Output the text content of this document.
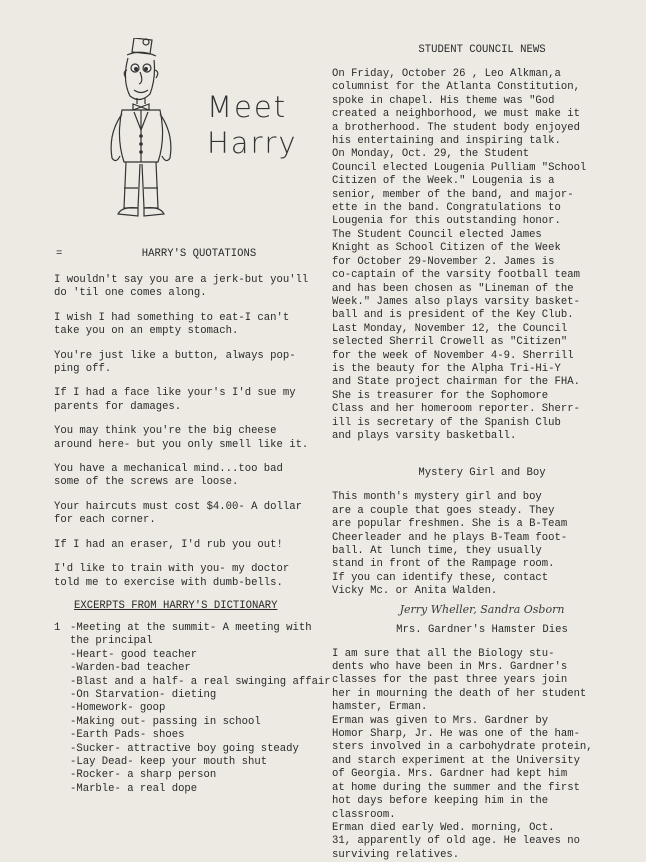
Meet
Harry
=	HARRY'S QUOTATIONS
I wouldn't say you are a jerk-but you'll
do 'til one comes along.
I wish I had something to eat-I can't
take you on an empty stomach.
You're just like a button, always pop-
ping off.
If I had a face like your's I'd sue my
parents for damages.
You may think you're the big cheese
around here- but you only smell like it.
You have a mechanical mind...too bad
some of the screws are loose.
Your haircuts must cost $4.00- A dollar
for each corner.
If I had an eraser, I'd rub you out!
I'd like to train with you- my doctor
told me to exercise with dumb-bells.
EXCERPTS FROM HARRY'S DICTIONARY
1 -Meeting at the summit- A meeting with
the principal
-Heart- good teacher
-Warden-bad teacher
-Blast and a half- a real swinging affair
-On Starvation- dieting
-Homework- goop
-Making out- passing in school
-Earth Pads- shoes
-Sucker- attractive boy going steady
-Lay Dead- keep your mouth shut
-Rocker- a sharp person
-Marble- a real dope
STUDENT COUNCIL NEWS
On Friday, October 26 , Leo Alkman,a
columnist for the Atlanta Constitution,
spoke in chapel. His theme was "God
created a neighborhood, we must make it
a brotherhood. The student body enjoyed
his entertaining and inspiring talk.
On Monday, Oct. 29, the Student
Council elected Lougenia Pulliam "School
Citizen of the Week." Lougenia is a
senior, member of the band, and major-
ette in the band. Congratulations to
Lougenia for this outstanding honor.
The Student Council elected James
Knight as School Citizen of the Week
for October 29-November 2. James is
co-captain of the varsity football team
and has been chosen as "Lineman of the
Week." James also plays varsity basket-
ball and is president of the Key Club.
Last Monday, November 12, the Council
selected Sherril Crowell as "Citizen"
for the week of November 4-9. Sherrill
is the beauty for the Alpha Tri-Hi-Y
and State project chairman for the FHA.
She is treasurer for the Sophomore
Class and her homeroom reporter. Sherr-
ill is secretary of the Spanish Club
and plays varsity basketball.
Mystery Girl and Boy
This month's mystery girl and boy
are a couple that goes steady. They
are popular freshmen. She is a B-Team
Cheerleader and he plays B-Team foot-
ball. At lunch time, they usually
stand in front of the Rampage room.
If you can identify these, contact
Vicky Mc. or Anita Walden.
Jerry Wheller, Sandra Osborn
Mrs. Gardner's Hamster Dies
I am sure that all the Biology stu-
dents who have been in Mrs. Gardner's
classes for the past three years join
her in mourning the death of her student
hamster, Erman.
Erman was given to Mrs. Gardner by
Homor Sharp, Jr. He was one of the ham-
sters involved in a carbohydrate protein,
and starch experiment at the University
of Georgia. Mrs. Gardner had kept him
at home during the summer and the first
hot days before keeping him in the
classroom.
Erman died early Wed. morning, Oct.
31, apparently of old age. He leaves no
surviving relatives.
